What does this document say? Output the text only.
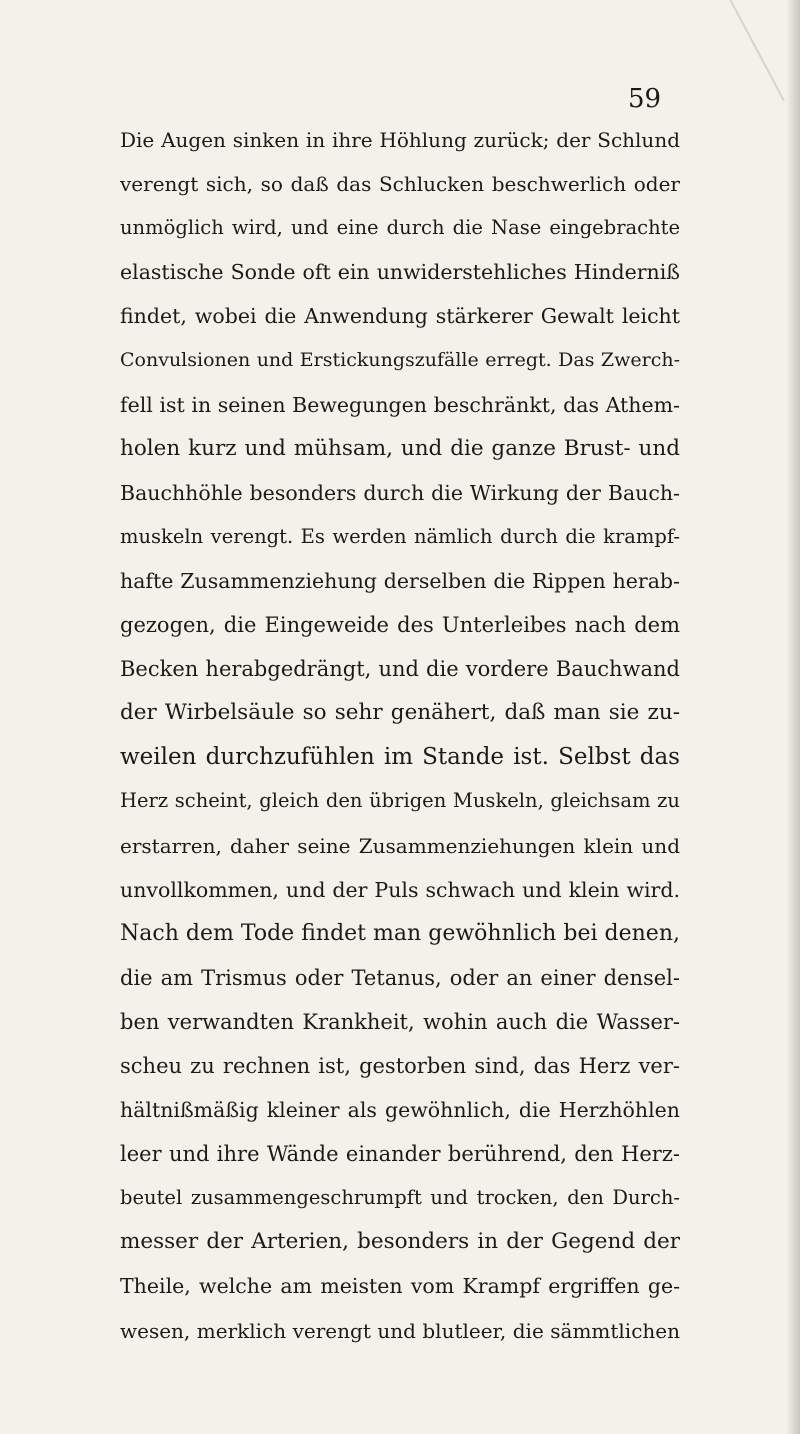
59
Die Augen sinken in ihre Höhlung zurück; der Schlund
verengt sich, so daß das Schlucken beschwerlich oder
unmöglich wird, und eine durch die Nase eingebrachte
elastische Sonde oft ein unwiderstehliches Hinderniß
findet, wobei die Anwendung stärkerer Gewalt leicht
Convulsionen und Erstickungszufälle erregt. Das Zwerch-
fell ist in seinen Bewegungen beschränkt, das Athem-
holen kurz und mühsam, und die ganze Brust- und
Bauchhöhle besonders durch die Wirkung der Bauch-
muskeln verengt. Es werden nämlich durch die krampf-
hafte Zusammenziehung derselben die Rippen herab-
gezogen, die Eingeweide des Unterleibes nach dem
Becken herabgedrängt, und die vordere Bauchwand
der Wirbelsäule so sehr genähert, daß man sie zu-
weilen durchzufühlen im Stande ist. Selbst das
Herz scheint, gleich den übrigen Muskeln, gleichsam zu
erstarren, daher seine Zusammenziehungen klein und
unvollkommen, und der Puls schwach und klein wird.
Nach dem Tode findet man gewöhnlich bei denen,
die am Trismus oder Tetanus, oder an einer densel-
ben verwandten Krankheit, wohin auch die Wasser-
scheu zu rechnen ist, gestorben sind, das Herz ver-
hältnißmäßig kleiner als gewöhnlich, die Herzhöhlen
leer und ihre Wände einander berührend, den Herz-
beutel zusammengeschrumpft und trocken, den Durch-
messer der Arterien, besonders in der Gegend der
Theile, welche am meisten vom Krampf ergriffen ge-
wesen, merklich verengt und blutleer, die sämmtlichen
